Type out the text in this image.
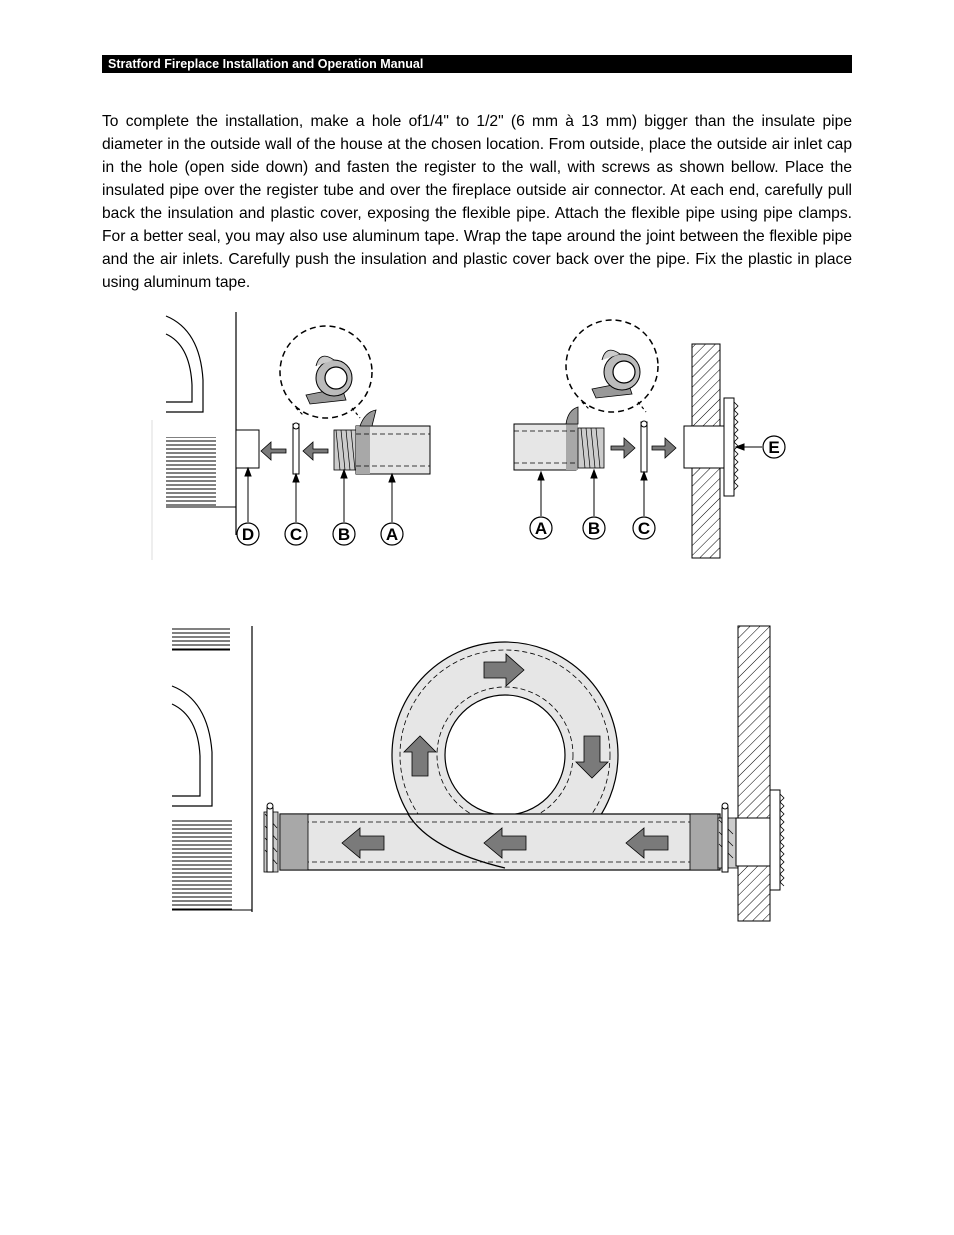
Stratford Fireplace Installation and Operation Manual
To complete the installation, make a hole of1/4" to 1/2" (6 mm à 13 mm) bigger than the insulate pipe diameter in the outside wall of the house at the chosen location. From outside, place the outside air inlet cap in the hole (open side down) and fasten the register to the wall, with screws as shown bellow. Place the insulated pipe over the register tube and over the fireplace outside air connector. At each end, carefully pull back the insulation and plastic cover, exposing the flexible pipe. Attach the flexible pipe using pipe clamps. For a better seal, you may also use aluminum tape. Wrap the tape around the joint between the flexible pipe and the air inlets. Carefully push the insulation and plastic cover back over the pipe. Fix the plastic in place using aluminum tape.
D C B A	A B C
E
